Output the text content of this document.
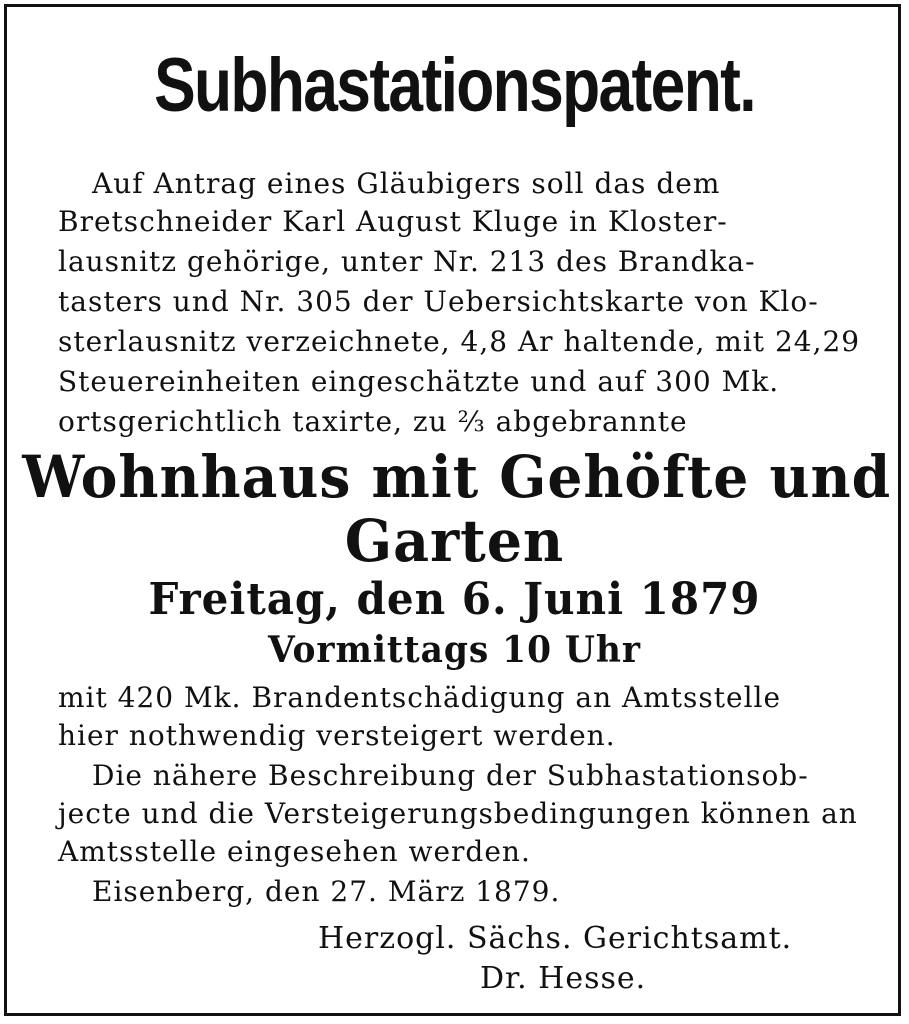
Subhastationspatent.
Auf Antrag eines Gläubigers soll das dem
Bretschneider Karl August Kluge in Kloster-
lausnitz gehörige, unter Nr. 213 des Brandka-
tasters und Nr. 305 der Uebersichtskarte von Klo-
sterlausnitz verzeichnete, 4,8 Ar haltende, mit 24,29
Steuereinheiten eingeschätzte und auf 300 Mk.
ortsgerichtlich taxirte, zu ⅔ abgebrannte
Wohnhaus mit Gehöfte und
Garten
Freitag, den 6. Juni 1879
Vormittags 10 Uhr
mit 420 Mk. Brandentschädigung an Amtsstelle
hier nothwendig versteigert werden.
Die nähere Beschreibung der Subhastationsob-
jecte und die Versteigerungsbedingungen können an
Amtsstelle eingesehen werden.
Eisenberg, den 27. März 1879.
Herzogl. Sächs. Gerichtsamt.
Dr. Hesse.
